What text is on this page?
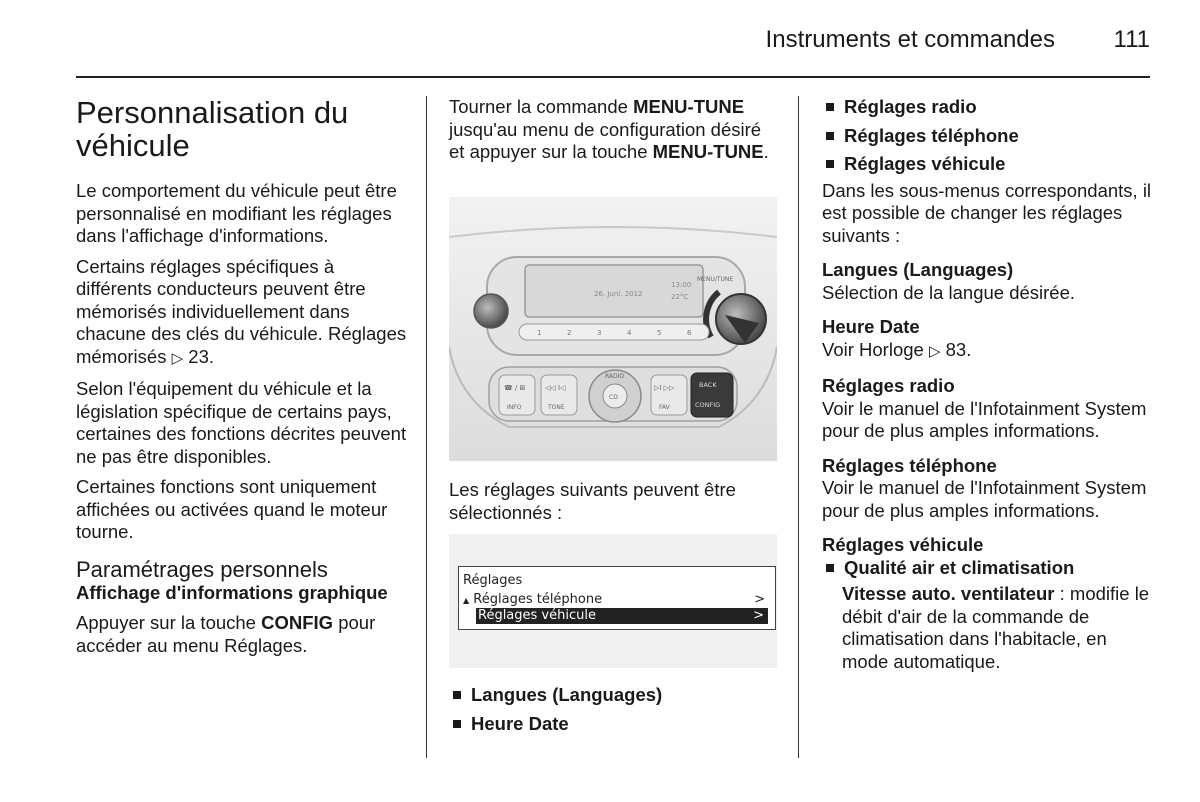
Instruments et commandes	111
Personnalisation du véhicule

Le comportement du véhicule peut être personnalisé en modifiant les réglages dans l'affichage d'informations.

Certains réglages spécifiques à différents conducteurs peuvent être mémorisés individuellement dans chacune des clés du véhicule. Réglages mémorisés ▷ 23.

Selon l'équipement du véhicule et la législation spécifique de certains pays, certaines des fonctions décrites peuvent ne pas être disponibles.

Certaines fonctions sont uniquement affichées ou activées quand le moteur tourne.

Paramétrages personnels

Affichage d'informations graphique

Appuyer sur la touche CONFIG pour accéder au menu Réglages.

Tourner la commande MENU-TUNE jusqu'au menu de configuration désiré et appuyer sur la touche MENU-TUNE.

26. Juni. 2012
13:00
22°C
MENU/TUNE
1	2	3	4	5	6
☎ / ⊠
INFO
◁◁ I◁
TONE
RADIO
CD
▷I ▷▷
FAV
BACK
CONFIG

Les réglages suivants peuvent être sélectionnés :

Réglages
▲ Réglages téléphone	>
Réglages véhicule	>

Langues (Languages)

Heure Date

Réglages radio

Réglages téléphone

Réglages véhicule

Dans les sous-menus correspondants, il est possible de changer les réglages suivants :

Langues (Languages)

Sélection de la langue désirée.

Heure Date

Voir Horloge ▷ 83.

Réglages radio

Voir le manuel de l'Infotainment System pour de plus amples informations.

Réglages téléphone

Voir le manuel de l'Infotainment System pour de plus amples informations.

Réglages véhicule

Qualité air et climatisation

Vitesse auto. ventilateur : modifie le débit d'air de la commande de climatisation dans l'habitacle, en mode automatique.
